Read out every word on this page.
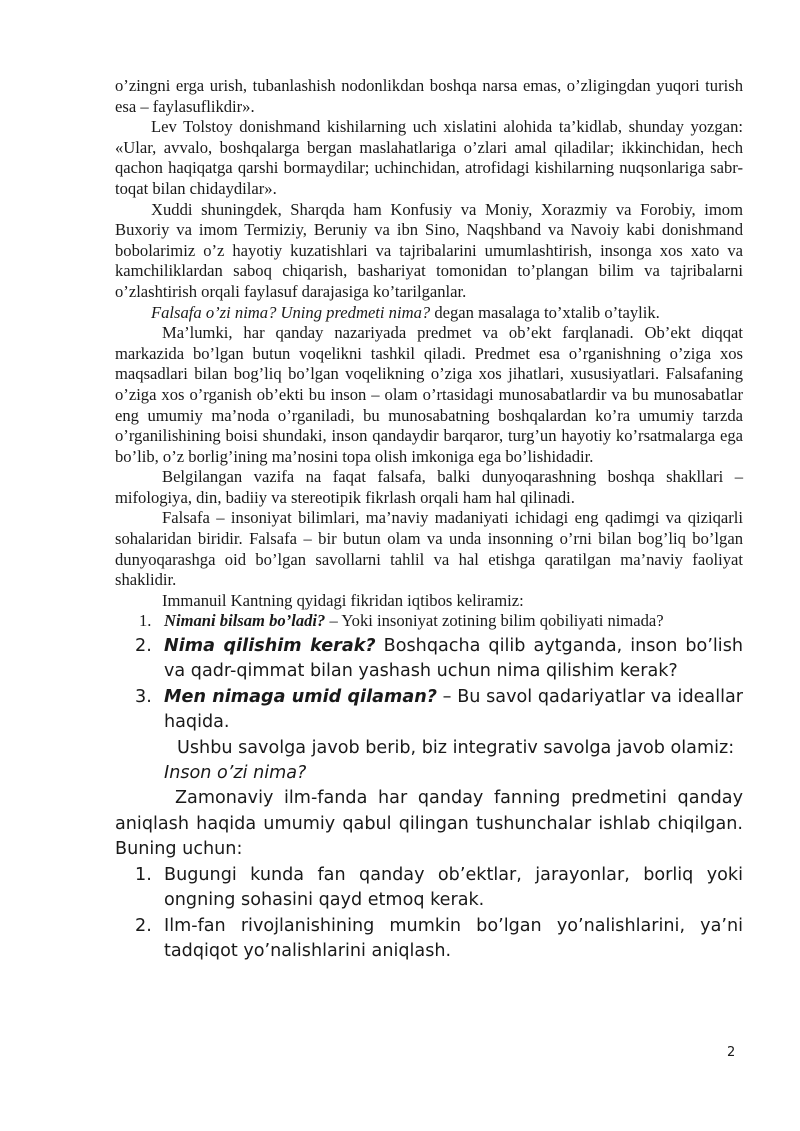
o’zingni erga urish, tubanlashish nodonlikdan boshqa narsa emas, o’zligingdan yuqori turish esa – faylasuflikdir».

Lev Tolstoy donishmand kishilarning uch xislatini alohida ta’kidlab, shunday yozgan: «Ular, avvalo, boshqalarga bergan maslahatlariga o’zlari amal qiladilar; ikkinchidan, hech qachon haqiqatga qarshi bormaydilar; uchinchidan, atrofidagi kishilarning nuqsonlariga sabr-toqat bilan chidaydilar».

Xuddi shuningdek, Sharqda ham Konfusiy va Moniy, Xorazmiy va Forobiy, imom Buxoriy va imom Termiziy, Beruniy va ibn Sino, Naqshband va Navoiy kabi donishmand bobolarimiz o’z hayotiy kuzatishlari va tajribalarini umumlashtirish, insonga xos xato va kamchiliklardan saboq chiqarish, bashariyat tomonidan to’plangan bilim va tajribalarni o’zlashtirish orqali faylasuf darajasiga ko’tarilganlar.

Falsafa o’zi nima? Uning predmeti nima? degan masalaga to’xtalib o’taylik.

Ma’lumki, har qanday nazariyada predmet va ob’ekt farqlanadi. Ob’ekt diqqat markazida bo’lgan butun voqelikni tashkil qiladi. Predmet esa o’rganishning o’ziga xos maqsadlari bilan bog’liq bo’lgan voqelikning o’ziga xos jihatlari, xususiyatlari. Falsafaning o’ziga xos o’rganish ob’ekti bu inson – olam o’rtasidagi munosabatlardir va bu munosabatlar eng umumiy ma’noda o’rganiladi, bu munosabatning boshqalardan ko’ra umumiy tarzda o’rganilishining boisi shundaki, inson qandaydir barqaror, turg’un hayotiy ko’rsatmalarga ega bo’lib, o’z borlig’ining ma’nosini topa olish imkoniga ega bo’lishidadir.

Belgilangan vazifa na faqat falsafa, balki dunyoqarashning boshqa shakllari – mifologiya, din, badiiy va stereotipik fikrlash orqali ham hal qilinadi.

Falsafa – insoniyat bilimlari, ma’naviy madaniyati ichidagi eng qadimgi va qiziqarli sohalaridan biridir. Falsafa – bir butun olam va unda insonning o’rni bilan bog’liq bo’lgan dunyoqarashga oid bo’lgan savollarni tahlil va hal etishga qaratilgan ma’naviy faoliyat shaklidir.

Immanuil Kantning qyidagi fikridan iqtibos keliramiz:

1. Nimani bilsam bo’ladi? – Yoki insoniyat zotining bilim qobiliyati nimada?
2. Nima qilishim kerak? Boshqacha qilib aytganda, inson bo’lish va qadr-qimmat bilan yashash uchun nima qilishim kerak?
3. Men nimaga umid qilaman? – Bu savol qadariyatlar va ideallar haqida.

Ushbu savolga javob berib, biz integrativ savolga javob olamiz:

Inson o’zi nima?

Zamonaviy ilm-fanda har qanday fanning predmetini qanday aniqlash haqida umumiy qabul qilingan tushunchalar ishlab chiqilgan. Buning uchun:

1. Bugungi kunda fan qanday ob’ektlar, jarayonlar, borliq yoki ongning sohasini qayd etmoq kerak.
2. Ilm-fan rivojlanishining mumkin bo’lgan yo’nalishlarini, ya’ni tadqiqot yo’nalishlarini aniqlash.
2
